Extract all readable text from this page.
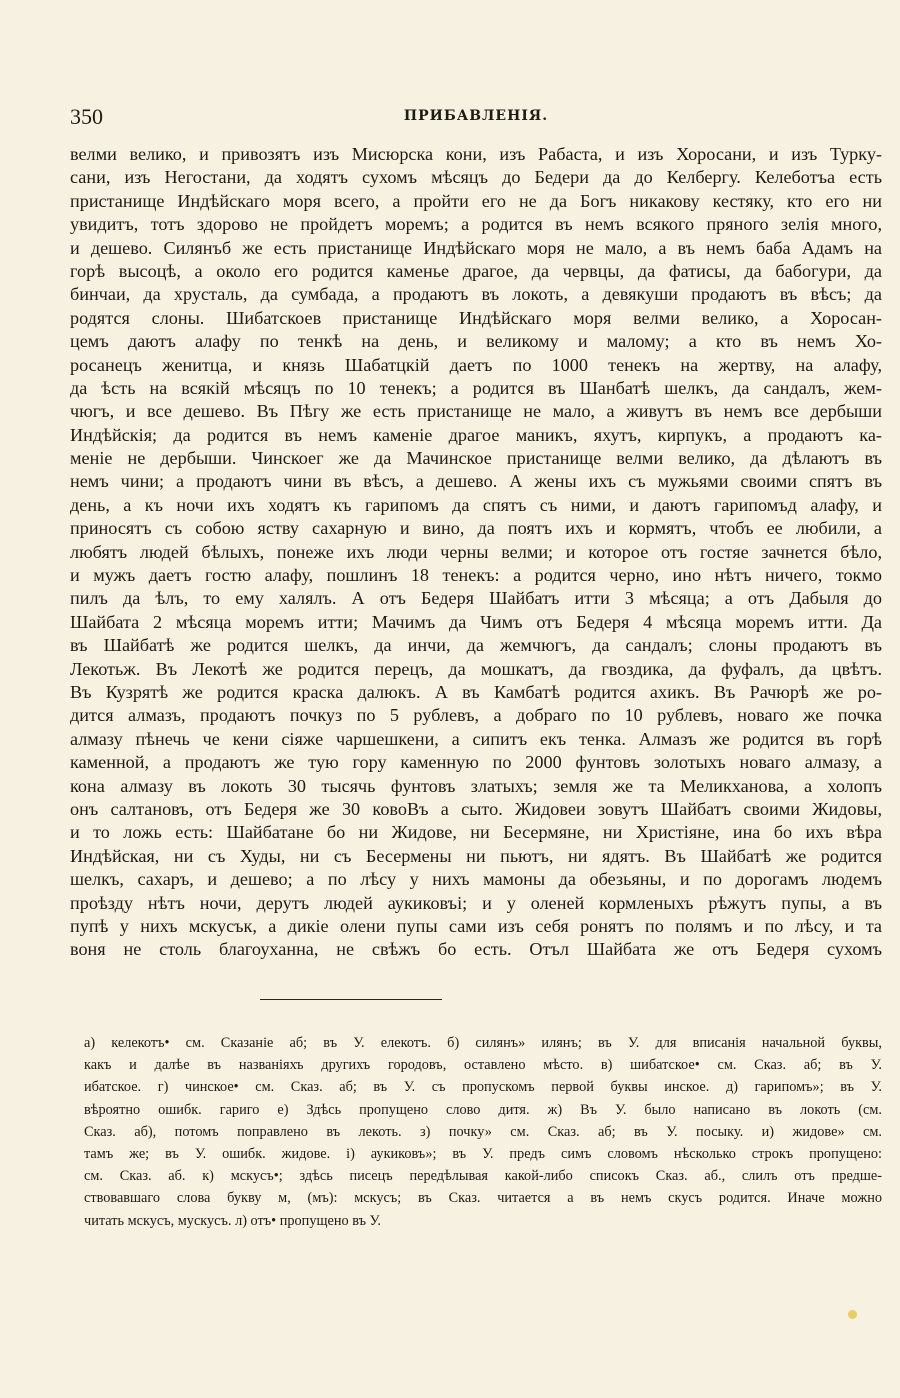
350	ПРИБАВЛЕНІЯ.
велми велико, и привозятъ изъ Мисюрска кони, изъ Рабаста, и изъ Хоросани, и изъ Турку-
сани, изъ Негостани, да ходятъ сухомъ мѣсяцъ до Бедери да до Келбергу. Келеботъа есть
пристанище Индѣйскаго моря всего, а пройти его не да Богъ никакову кестяку, кто его ни
увидитъ, тотъ здорово не пройдетъ моремъ; а родится въ немъ всякого пряного зелія много,
и дешево. Силянъб же есть пристанище Индѣйскаго моря не мало, а въ немъ баба Адамъ на
горѣ высоцѣ, а около его родится каменье драгое, да червцы, да фатисы, да бабогури, да
бинчаи, да хрусталь, да сумбада, а продаютъ въ локоть, а девякуши продаютъ въ вѣсъ; да
родятся слоны. Шибатскоев пристанище Индѣйскаго моря велми велико, а Хоросан-
цемъ даютъ алафу по тенкѣ на день, и великому и малому; а кто въ немъ Хо-
росанецъ женитца, и князь Шабатцкій даетъ по 1000 тенекъ на жертву, на алафу,
да ѣсть на всякій мѣсяцъ по 10 тенекъ; а родится въ Шанбатѣ шелкъ, да сандалъ, жем-
чюгъ, и все дешево. Въ Пѣгу же есть пристанище не мало, а живутъ въ немъ все дербыши
Индѣйскія; да родится въ немъ каменіе драгое маникъ, яхутъ, кирпукъ, а продаютъ ка-
меніе не дербыши. Чинскоег же да Мачинское пристанище велми велико, да дѣлаютъ въ
немъ чини; а продаютъ чини въ вѣсъ, а дешево. А жены ихъ съ мужьями своими спятъ въ
день, а къ ночи ихъ ходятъ къ гарипомъ да спятъ съ ними, и даютъ гарипомъд алафу, и
приносятъ съ собою яству сахарную и вино, да поятъ ихъ и кормятъ, чтобъ ее любили, а
любятъ людей бѣлыхъ, понеже ихъ люди черны велми; и которое отъ гостяе зачнется бѣло,
и мужъ даетъ гостю алафу, пошлинъ 18 тенекъ: а родится черно, ино нѣтъ ничего, токмо
пилъ да ѣлъ, то ему халялъ. А отъ Бедеря Шайбатъ итти 3 мѣсяца; а отъ Дабыля до
Шайбата 2 мѣсяца моремъ итти; Мачимъ да Чимъ отъ Бедеря 4 мѣсяца моремъ итти. Да
въ Шайбатѣ же родится шелкъ, да инчи, да жемчюгъ, да сандалъ; слоны продаютъ въ
Лекотьж. Въ Лекотѣ же родится перецъ, да мошкатъ, да гвоздика, да фуфалъ, да цвѣтъ.
Въ Кузрятѣ же родится краска далюкъ. А въ Камбатѣ родится ахикъ. Въ Рачюрѣ же ро-
дится алмазъ, продаютъ почкуз по 5 рублевъ, а добраго по 10 рублевъ, новаго же почка
алмазу пѣнечь че кени сіяже чаршешкени, а сипитъ екъ тенка. Алмазъ же родится въ горѣ
каменной, а продаютъ же тую гору каменную по 2000 фунтовъ золотыхъ новаго алмазу, а
кона алмазу въ локоть 30 тысячь фунтовъ златыхъ; земля же та Меликханова, а холопъ
онъ салтановъ, отъ Бедеря же 30 ковоВъ а сыто. Жидовеи зовутъ Шайбатъ своими Жидовы,
и то ложь есть: Шайбатане бо ни Жидове, ни Бесермяне, ни Христіяне, ина бо ихъ вѣра
Индѣйская, ни съ Худы, ни съ Бесермены ни пьютъ, ни ядятъ. Въ Шайбатѣ же родится
шелкъ, сахаръ, и дешево; а по лѣсу у нихъ мамоны да обезьяны, и по дорогамъ людемъ
проѣзду нѣтъ ночи, дерутъ людей аукиковъі; и у оленей кормленыхъ рѣжутъ пупы, а въ
пупѣ у нихъ мскусък, а дикіе олени пупы сами изъ себя ронятъ по полямъ и по лѣсу, и та
воня не столь благоуханна, не свѣжъ бо есть. Отъл Шайбата же отъ Бедеря сухомъ
а) келекотъ• см. Сказаніе аб; въ У. елекотъ. б) силянъ» илянъ; въ У. для вписанія начальной буквы,
какъ и далѣе въ названіяхъ другихъ городовъ, оставлено мѣсто. в) шибатское• см. Сказ. аб; въ У.
ибатское. г) чинское• см. Сказ. аб; въ У. съ пропускомъ первой буквы инское. д) гарипомъ»; въ У.
вѣроятно ошибк. гариго е) Здѣсь пропущено слово дитя. ж) Въ У. было написано въ локоть (см.
Сказ. аб), потомъ поправлено въ лекоть. з) почку» см. Сказ. аб; въ У. посыку. и) жидове» см.
тамъ же; въ У. ошибк. жидове. і) аукиковъ»; въ У. предъ симъ словомъ нѣсколько строкъ пропущено:
см. Сказ. аб. к) мскусъ•; здѣсь писецъ передѣлывая какой-либо списокъ Сказ. аб., слилъ отъ предше-
ствовавшаго слова букву м, (мъ): мскусъ; въ Сказ. читается а въ немъ скусъ родится. Иначе можно
читать мскусъ, мускусъ. л) отъ• пропущено въ У.
